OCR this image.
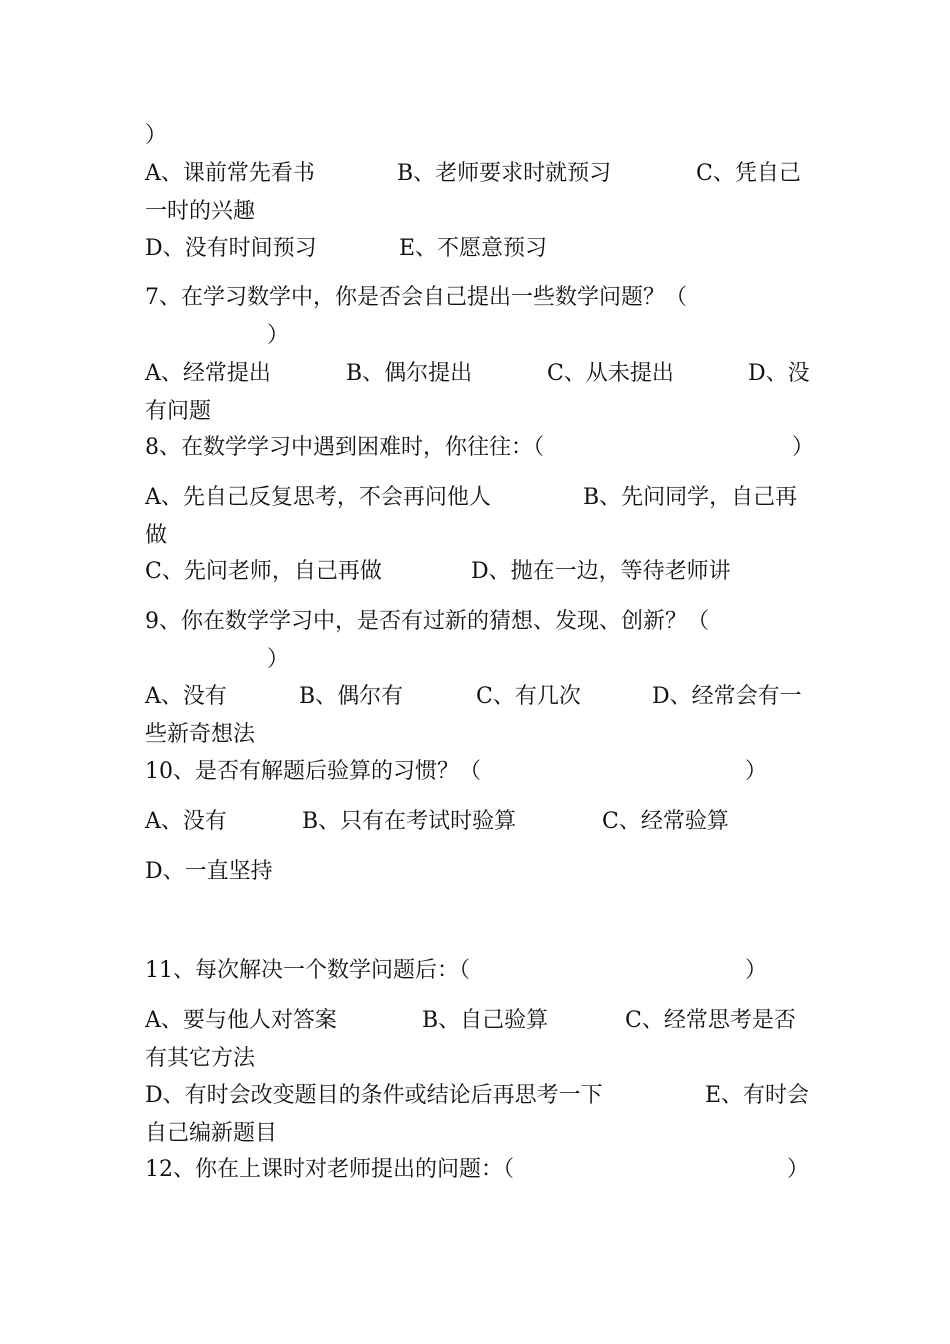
）
A、课前常先看书	B、老师要求时就预习	C、凭自己
一时的兴趣
D、没有时间预习	E、不愿意预习
7、在学习数学中，你是否会自己提出一些数学问题？（
）
A、经常提出	B、偶尔提出	C、从未提出	D、没
有问题
8、在数学学习中遇到困难时，你往往：（	）
A、先自己反复思考，不会再问他人	B、先问同学，自己再
做
C、先问老师，自己再做	D、抛在一边，等待老师讲
9、你在数学学习中，是否有过新的猜想、发现、创新？（
）
A、没有	B、偶尔有	C、有几次	D、经常会有一
些新奇想法
10、是否有解题后验算的习惯？（	）
A、没有	B、只有在考试时验算	C、经常验算
D、一直坚持
11、每次解决一个数学问题后：（	）
A、要与他人对答案	B、自己验算	C、经常思考是否
有其它方法
D、有时会改变题目的条件或结论后再思考一下	E、有时会
自己编新题目
12、你在上课时对老师提出的问题：（	）
